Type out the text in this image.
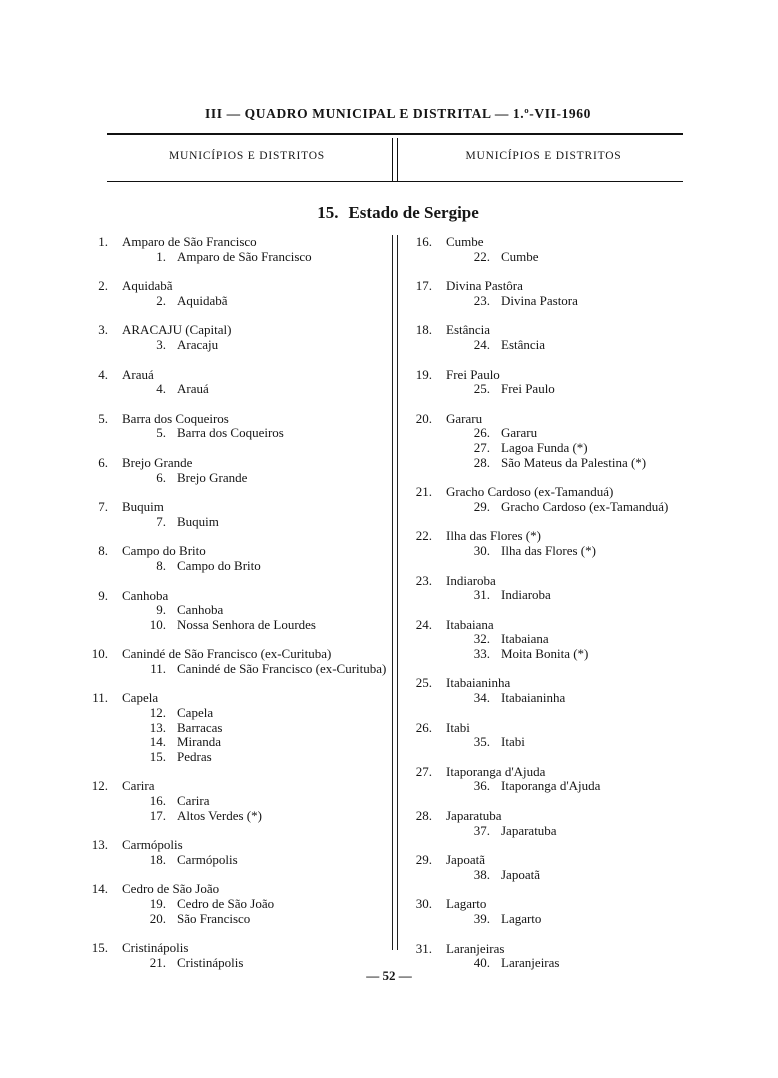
III — QUADRO MUNICIPAL E DISTRITAL — 1.º-VII-1960
MUNICÍPIOS E DISTRITOS	MUNICÍPIOS E DISTRITOS
15. Estado de Sergipe
1. Amparo de São Francisco
1. Amparo de São Francisco
2. Aquidabã
2. Aquidabã
3. ARACAJU (Capital)
3. Aracaju
4. Arauá
4. Arauá
5. Barra dos Coqueiros
5. Barra dos Coqueiros
6. Brejo Grande
6. Brejo Grande
7. Buquim
7. Buquim
8. Campo do Brito
8. Campo do Brito
9. Canhoba
9. Canhoba
10. Nossa Senhora de Lourdes
10. Canindé de São Francisco (ex-Curituba)
11. Canindé de São Francisco (ex-Curituba)
11. Capela
12. Capela
13. Barracas
14. Miranda
15. Pedras
12. Carira
16. Carira
17. Altos Verdes (*)
13. Carmópolis
18. Carmópolis
14. Cedro de São João
19. Cedro de São João
20. São Francisco
15. Cristinápolis
21. Cristinápolis
16. Cumbe
22. Cumbe
17. Divina Pastôra
23. Divina Pastora
18. Estância
24. Estância
19. Frei Paulo
25. Frei Paulo
20. Gararu
26. Gararu
27. Lagoa Funda (*)
28. São Mateus da Palestina (*)
21. Gracho Cardoso (ex-Tamanduá)
29. Gracho Cardoso (ex-Tamanduá)
22. Ilha das Flores (*)
30. Ilha das Flores (*)
23. Indiaroba
31. Indiaroba
24. Itabaiana
32. Itabaiana
33. Moita Bonita (*)
25. Itabaianinha
34. Itabaianinha
26. Itabi
35. Itabi
27. Itaporanga d'Ajuda
36. Itaporanga d'Ajuda
28. Japaratuba
37. Japaratuba
29. Japoatã
38. Japoatã
30. Lagarto
39. Lagarto
31. Laranjeiras
40. Laranjeiras
— 52 —
